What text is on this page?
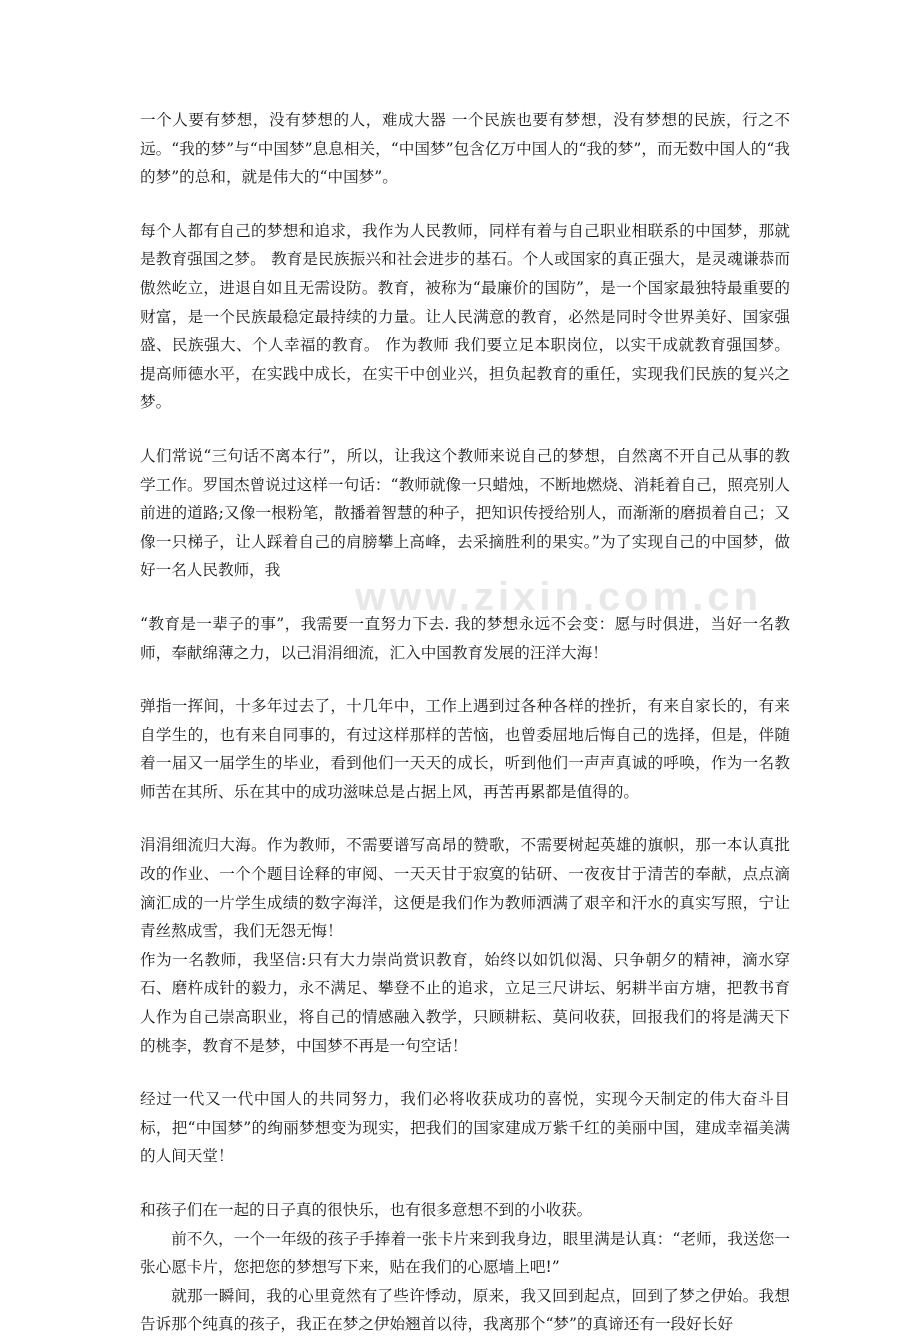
www.zixin.com.cn

一个人要有梦想，没有梦想的人，难成大器 一个民族也要有梦想，没有梦想的民族，行之不远。“我的梦”与“中国梦”息息相关，“中国梦”包含亿万中国人的“我的梦”，而无数中国人的“我的梦”的总和，就是伟大的“中国梦”。

每个人都有自己的梦想和追求，我作为人民教师，同样有着与自己职业相联系的中国梦，那就是教育强国之梦。 教育是民族振兴和社会进步的基石。个人或国家的真正强大，是灵魂谦恭而傲然屹立，进退自如且无需设防。教育，被称为“最廉价的国防”，是一个国家最独特最重要的财富，是一个民族最稳定最持续的力量。让人民满意的教育，必然是同时令世界美好、国家强盛、民族强大、个人幸福的教育。 作为教师 我们要立足本职岗位，以实干成就教育强国梦。 提高师德水平，在实践中成长，在实干中创业兴，担负起教育的重任，实现我们民族的复兴之梦。

人们常说“三句话不离本行”，所以，让我这个教师来说自己的梦想，自然离不开自己从事的教学工作。罗国杰曾说过这样一句话：“教师就像一只蜡烛，不断地燃烧、消耗着自己，照亮别人前进的道路;又像一根粉笔，散播着智慧的种子，把知识传授给别人，而渐渐的磨损着自己；又像一只梯子，让人踩着自己的肩膀攀上高峰，去采摘胜利的果实。”为了实现自己的中国梦，做好一名人民教师，我

“教育是一辈子的事”，我需要一直努力下去. 我的梦想永远不会变：愿与时俱进，当好一名教师，奉献绵薄之力，以己涓涓细流，汇入中国教育发展的汪洋大海！

弹指一挥间，十多年过去了，十几年中，工作上遇到过各种各样的挫折，有来自家长的，有来自学生的，也有来自同事的，有过这样那样的苦恼，也曾委屈地后悔自己的选择，但是，伴随着一届又一届学生的毕业，看到他们一天天的成长，听到他们一声声真诚的呼唤，作为一名教师苦在其所、乐在其中的成功滋味总是占据上风，再苦再累都是值得的。

涓涓细流归大海。作为教师，不需要谱写高昂的赞歌，不需要树起英雄的旗帜，那一本认真批改的作业、一个个题目诠释的审阅、一天天甘于寂寞的钻研、一夜夜甘于清苦的奉献，点点滴滴汇成的一片学生成绩的数字海洋，这便是我们作为教师洒满了艰辛和汗水的真实写照，宁让青丝熬成雪，我们无怨无悔！

作为一名教师，我坚信:只有大力崇尚赏识教育，始终以如饥似渴、只争朝夕的精神，滴水穿石、磨杵成针的毅力，永不满足、攀登不止的追求，立足三尺讲坛、躬耕半亩方塘，把教书育人作为自己崇高职业，将自己的情感融入教学，只顾耕耘、莫问收获，回报我们的将是满天下的桃李，教育不是梦，中国梦不再是一句空话！

经过一代又一代中国人的共同努力，我们必将收获成功的喜悦，实现今天制定的伟大奋斗目标，把“中国梦”的绚丽梦想变为现实，把我们的国家建成万紫千红的美丽中国，建成幸福美满的人间天堂！

和孩子们在一起的日子真的很快乐，也有很多意想不到的小收获。

前不久，一个一年级的孩子手捧着一张卡片来到我身边，眼里满是认真：“老师，我送您一张心愿卡片，您把您的梦想写下来，贴在我们的心愿墙上吧!”

就那一瞬间，我的心里竟然有了些许悸动，原来，我又回到起点，回到了梦之伊始。我想告诉那个纯真的孩子，我正在梦之伊始翘首以待，我离那个“梦”的真谛还有一段好长好
